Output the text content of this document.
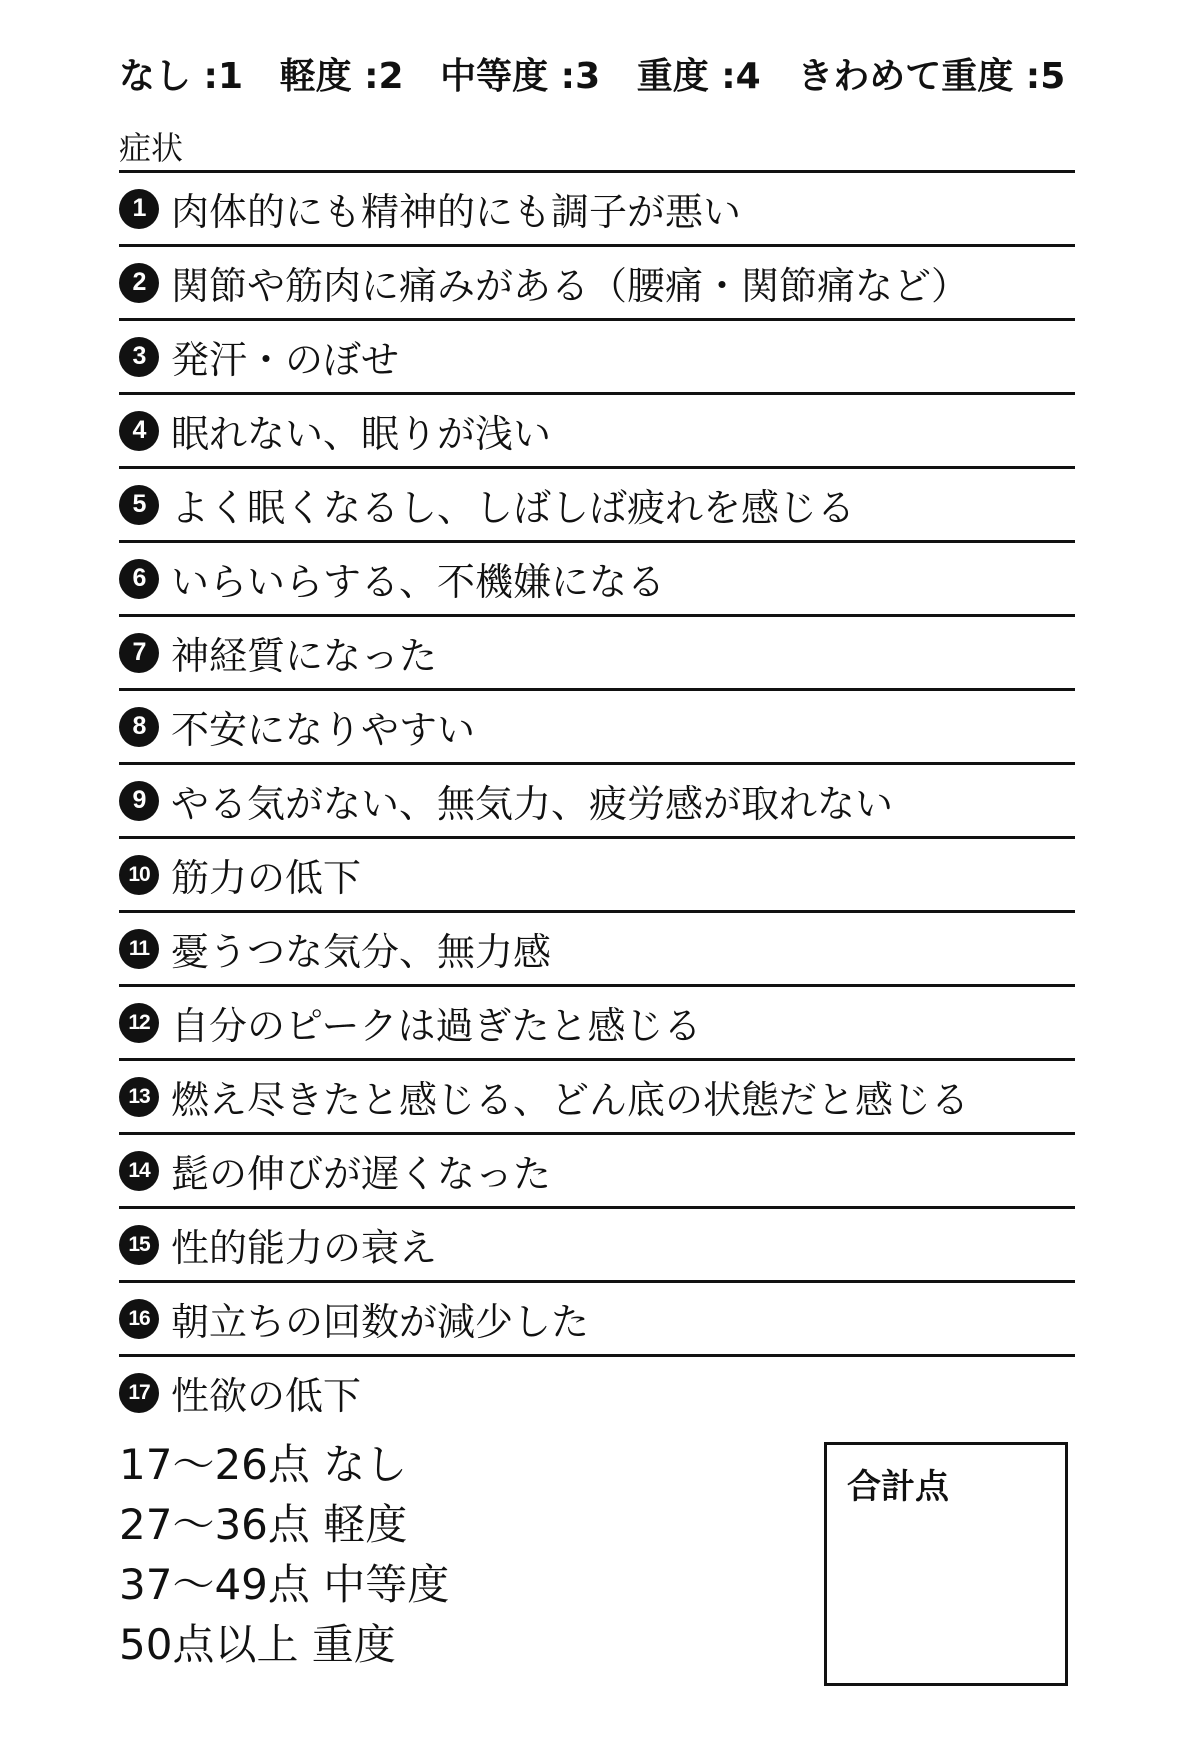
なし :1 軽度 :2 中等度 :3 重度 :4 きわめて重度 :5
症状
1 肉体的にも精神的にも調子が悪い
2 関節や筋肉に痛みがある（腰痛・関節痛など）
3 発汗・のぼせ
4 眠れない、眠りが浅い
5 よく眠くなるし、しばしば疲れを感じる
6 いらいらする、不機嫌になる
7 神経質になった
8 不安になりやすい
9 やる気がない、無気力、疲労感が取れない
10 筋力の低下
11 憂うつな気分、無力感
12 自分のピークは過ぎたと感じる
13 燃え尽きたと感じる、どん底の状態だと感じる
14 髭の伸びが遅くなった
15 性的能力の衰え
16 朝立ちの回数が減少した
17 性欲の低下
17〜26点 なし
27〜36点 軽度
37〜49点 中等度
50点以上 重度
合計点
